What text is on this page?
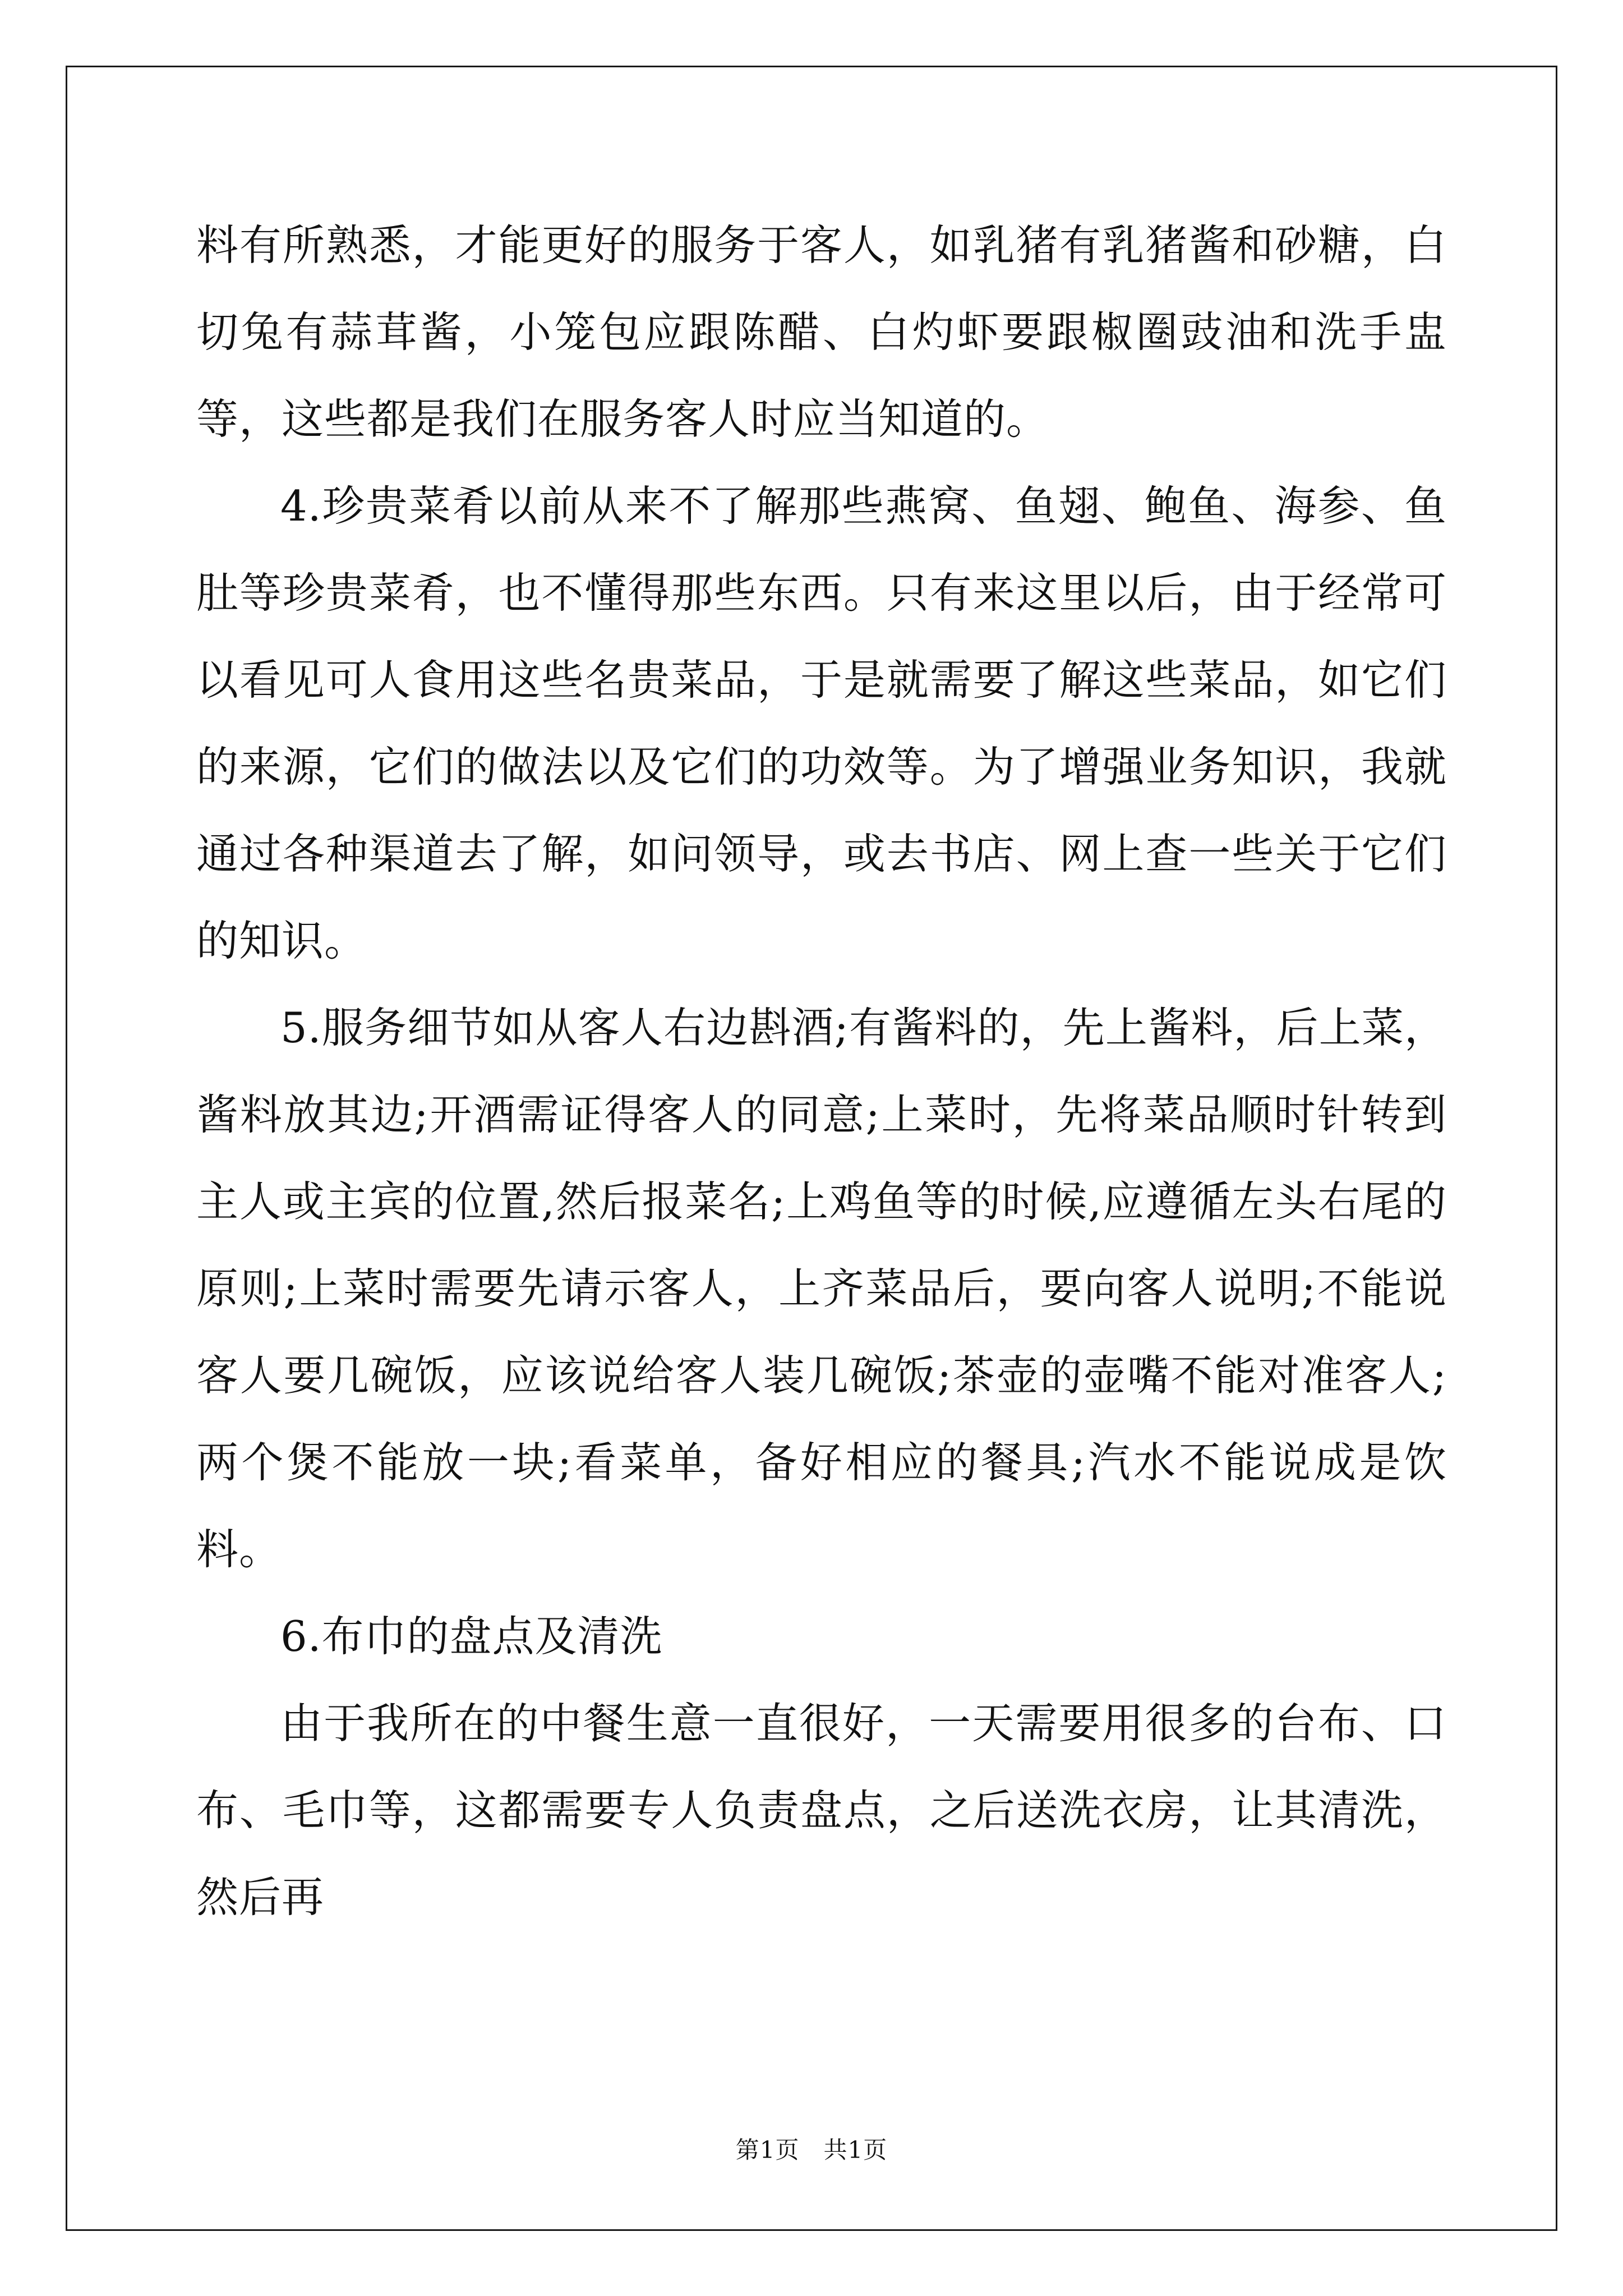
料有所熟悉，才能更好的服务于客人，如乳猪有乳猪酱和砂糖，白切兔有蒜茸酱，小笼包应跟陈醋、白灼虾要跟椒圈豉油和洗手盅等，这些都是我们在服务客人时应当知道的。

4.珍贵菜肴以前从来不了解那些燕窝、鱼翅、鲍鱼、海参、鱼肚等珍贵菜肴，也不懂得那些东西。只有来这里以后，由于经常可以看见可人食用这些名贵菜品，于是就需要了解这些菜品，如它们的来源，它们的做法以及它们的功效等。为了增强业务知识，我就通过各种渠道去了解，如问领导，或去书店、网上查一些关于它们的知识。

5.服务细节如从客人右边斟酒;有酱料的，先上酱料，后上菜，酱料放其边;开酒需证得客人的同意;上菜时，先将菜品顺时针转到主人或主宾的位置,然后报菜名;上鸡鱼等的时候,应遵循左头右尾的原则;上菜时需要先请示客人，上齐菜品后，要向客人说明;不能说客人要几碗饭，应该说给客人装几碗饭;茶壶的壶嘴不能对准客人;两个煲不能放一块;看菜单，备好相应的餐具;汽水不能说成是饮料。

6.布巾的盘点及清洗

由于我所在的中餐生意一直很好，一天需要用很多的台布、口布、毛巾等，这都需要专人负责盘点，之后送洗衣房，让其清洗，然后再

第1页 共1页
